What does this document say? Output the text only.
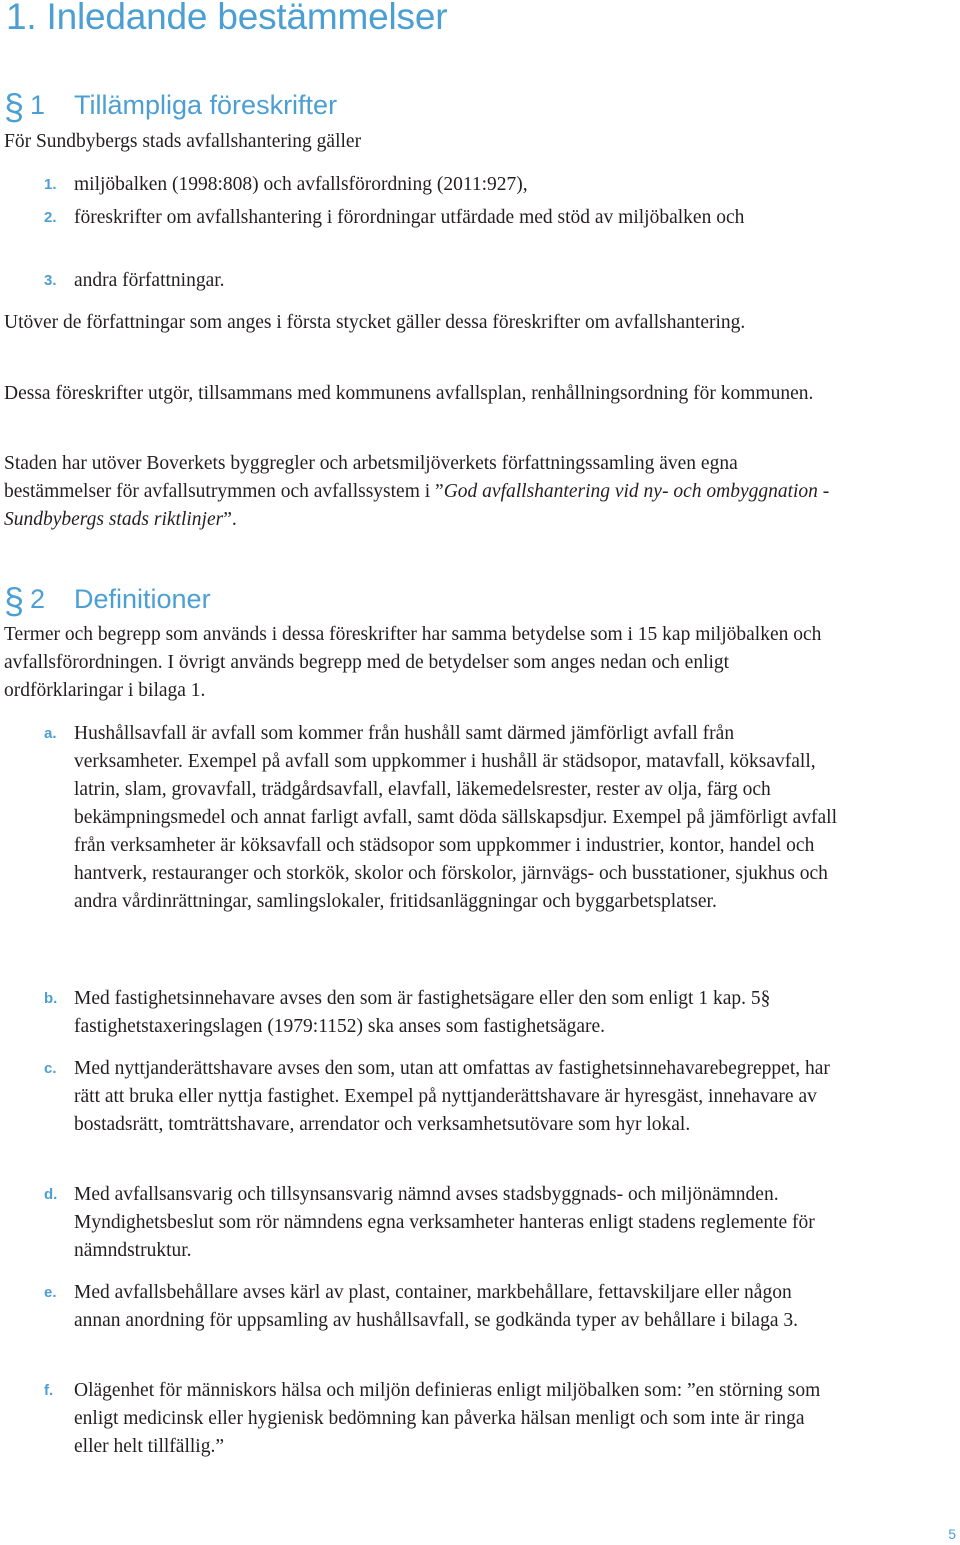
1. Inledande bestämmelser
§ 1 Tillämpliga föreskrifter

För Sundbybergs stads avfallshantering gäller

1. miljöbalken (1998:808) och avfallsförordning (2011:927),

2. föreskrifter om avfallshantering i förordningar utfärdade med stöd av miljöbalken och

3. andra författningar.

Utöver de författningar som anges i första stycket gäller dessa föreskrifter om avfallshantering.

Dessa föreskrifter utgör, tillsammans med kommunens avfallsplan, renhållningsordning för kommunen.

Staden har utöver Boverkets byggregler och arbetsmiljöverkets författningssamling även egna bestämmelser för avfallsutrymmen och avfallssystem i ”God avfallshantering vid ny- och ombyggnation - Sundbybergs stads riktlinjer”.

§ 2 Definitioner

Termer och begrepp som används i dessa föreskrifter har samma betydelse som i 15 kap miljöbalken och avfallsförordningen. I övrigt används begrepp med de betydelser som anges nedan och enligt ordförklaringar i bilaga 1.

a. Hushållsavfall är avfall som kommer från hushåll samt därmed jämförligt avfall från verksamheter. Exempel på avfall som uppkommer i hushåll är städsopor, matavfall, köksavfall, latrin, slam, grovavfall, trädgårdsavfall, elavfall, läkemedelsrester, rester av olja, färg och bekämpningsmedel och annat farligt avfall, samt döda sällskapsdjur. Exempel på jämförligt avfall från verksamheter är köksavfall och städsopor som uppkommer i industrier, kontor, handel och hantverk, restauranger och storkök, skolor och förskolor, järnvägs- och busstationer, sjukhus och andra vårdinrättningar, samlingslokaler, fritidsanläggningar och byggarbetsplatser.

b. Med fastighetsinnehavare avses den som är fastighetsägare eller den som enligt 1 kap. 5§ fastighetstaxeringslagen (1979:1152) ska anses som fastighetsägare.

c. Med nyttjanderättshavare avses den som, utan att omfattas av fastighetsinnehavarebegreppet, har rätt att bruka eller nyttja fastighet. Exempel på nyttjanderättshavare är hyresgäst, innehavare av bostadsrätt, tomträttshavare, arrendator och verksamhetsutövare som hyr lokal.

d. Med avfallsansvarig och tillsynsansvarig nämnd avses stadsbyggnads- och miljönämnden. Myndighetsbeslut som rör nämndens egna verksamheter hanteras enligt stadens reglemente för nämndstruktur.

e. Med avfallsbehållare avses kärl av plast, container, markbehållare, fettavskiljare eller någon annan anordning för uppsamling av hushållsavfall, se godkända typer av behållare i bilaga 3.

f. Olägenhet för människors hälsa och miljön definieras enligt miljöbalken som: ”en störning som enligt medicinsk eller hygienisk bedömning kan påverka hälsan menligt och som inte är ringa eller helt tillfällig.”

5
